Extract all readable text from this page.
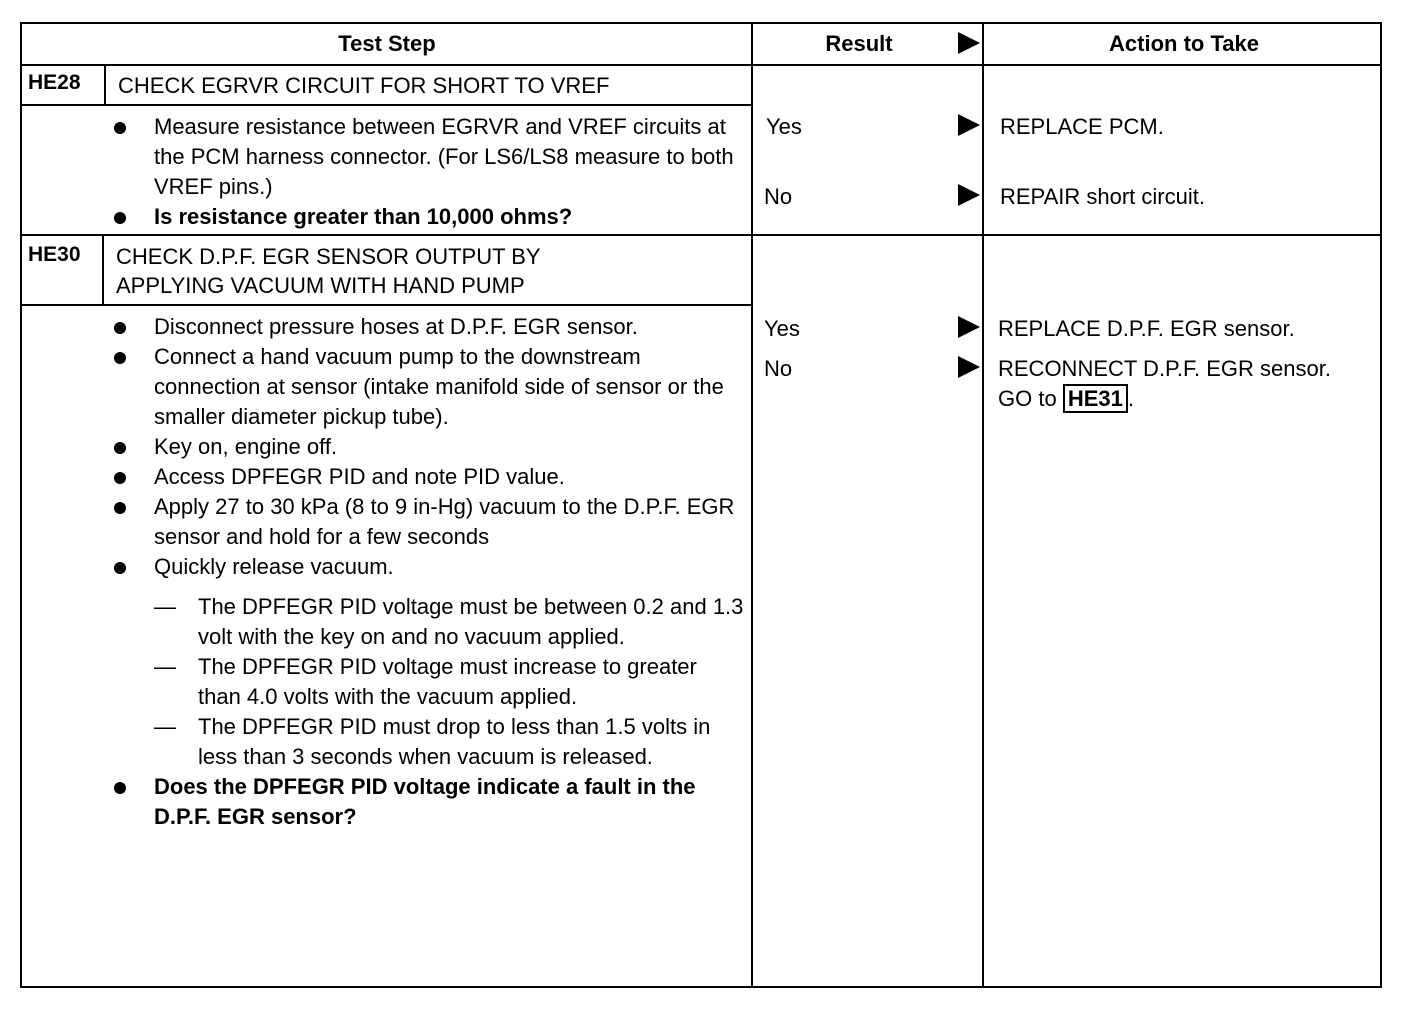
Test Step	Result	Action to Take
HE28 CHECK EGRVR CIRCUIT FOR SHORT TO VREF
Measure resistance between EGRVR and VREF circuits at the PCM harness connector. (For LS6/LS8 measure to both VREF pins.)
Is resistance greater than 10,000 ohms?
Yes	REPLACE PCM.
No	REPAIR short circuit.
HE30 CHECK D.P.F. EGR SENSOR OUTPUT BY
APPLYING VACUUM WITH HAND PUMP
Disconnect pressure hoses at D.P.F. EGR sensor.
Connect a hand vacuum pump to the downstream connection at sensor (intake manifold side of sensor or the smaller diameter pickup tube).
Key on, engine off.
Access DPFEGR PID and note PID value.
Apply 27 to 30 kPa (8 to 9 in-Hg) vacuum to the D.P.F. EGR sensor and hold for a few seconds
Quickly release vacuum.
— The DPFEGR PID voltage must be between 0.2 and 1.3 volt with the key on and no vacuum applied.
— The DPFEGR PID voltage must increase to greater than 4.0 volts with the vacuum applied.
— The DPFEGR PID must drop to less than 1.5 volts in less than 3 seconds when vacuum is released.
Does the DPFEGR PID voltage indicate a fault in the D.P.F. EGR sensor?
Yes	REPLACE D.P.F. EGR sensor.
No	RECONNECT D.P.F. EGR sensor. GO to HE31 .
